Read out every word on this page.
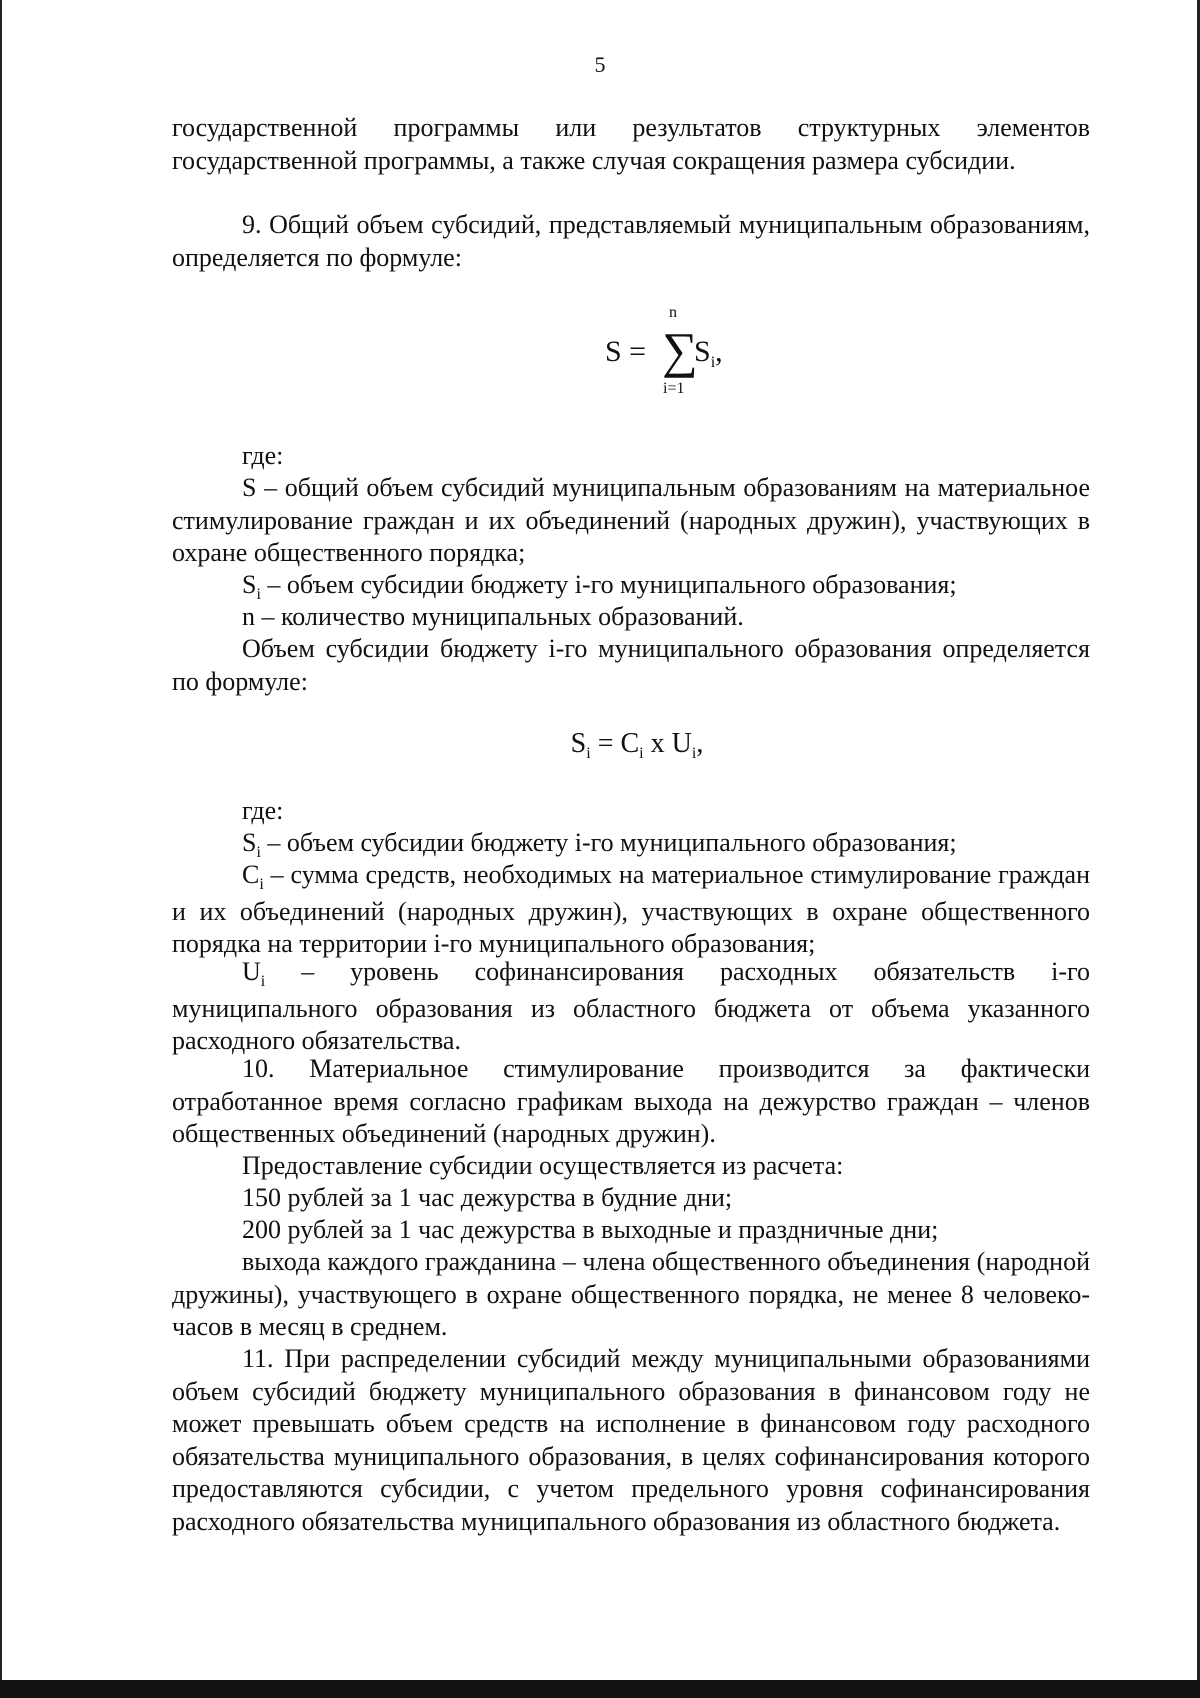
5

государственной программы или результатов структурных элементов государственной программы, а также случая сокращения размера субсидии.

9. Общий объем субсидий, представляемый муниципальным образованиям, определяется по формуле:

S =
n
∑
i=1
$S_i$,

где:

S – общий объем субсидий муниципальным образованиям на материальное стимулирование граждан и их объединений (народных дружин), участвующих в охране общественного порядка;

$S_i$ – объем субсидии бюджету i-го муниципального образования;

n – количество муниципальных образований.

Объем субсидии бюджету i-го муниципального образования определяется по формуле:

$S_i = C_i$ x $U_i$,

где:

$S_i$ – объем субсидии бюджету i-го муниципального образования;

$C_i$ – сумма средств, необходимых на материальное стимулирование граждан и их объединений (народных дружин), участвующих в охране общественного порядка на территории i-го муниципального образования;

$U_i$ – уровень софинансирования расходных обязательств i-го муниципального образования из областного бюджета от объема указанного расходного обязательства.

10. Материальное стимулирование производится за фактически отработанное время согласно графикам выхода на дежурство граждан – членов общественных объединений (народных дружин).

Предоставление субсидии осуществляется из расчета:

150 рублей за 1 час дежурства в будние дни;

200 рублей за 1 час дежурства в выходные и праздничные дни;

выхода каждого гражданина – члена общественного объединения (народной дружины), участвующего в охране общественного порядка, не менее 8 человеко-часов в месяц в среднем.

11. При распределении субсидий между муниципальными образованиями объем субсидий бюджету муниципального образования в финансовом году не может превышать объем средств на исполнение в финансовом году расходного обязательства муниципального образования, в целях софинансирования которого предоставляются субсидии, с учетом предельного уровня софинансирования расходного обязательства муниципального образования из областного бюджета.
